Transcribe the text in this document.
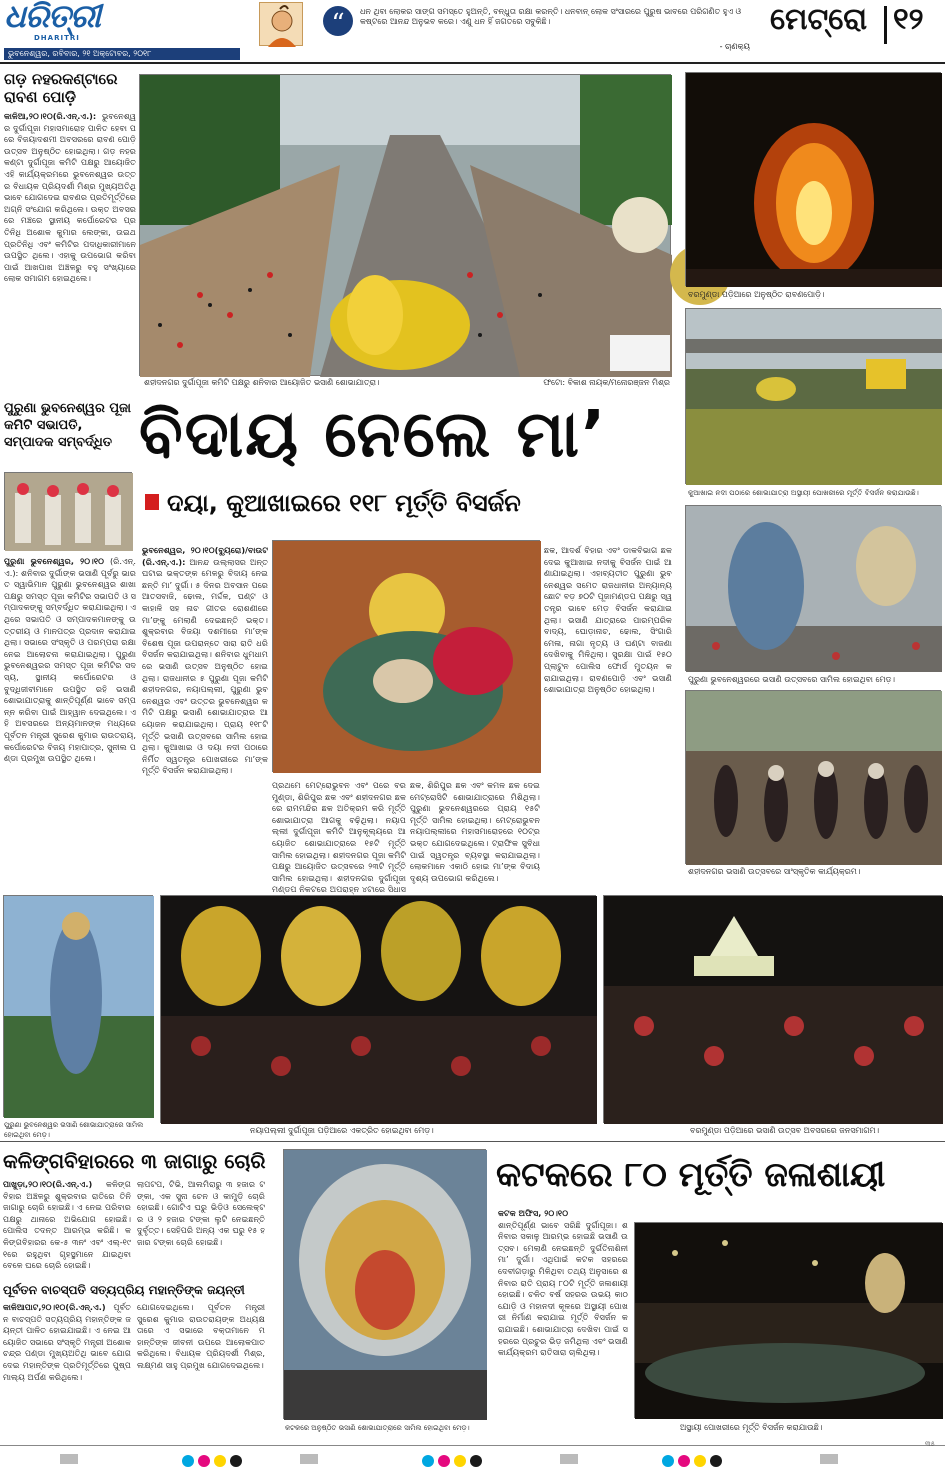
ଧରିତ୍ରୀ
DHARITRI
ଭୁବନେଶ୍ୱର, ରବିବାର, ୨୧ ଅକ୍ଟୋବର, ୨୦୧୮
“	ଧନ ଥିବା ଲୋକର ସାଙ୍ଗ ସମସ୍ତେ ହୁଅନ୍ତି, ବନ୍ଧୁତା ରକ୍ଷା କରନ୍ତି। ଧନବାନ୍ ଲୋକ ସଂସାରରେ ପୁରୁଷ ଭାବରେ ପରିଗଣିତ ହୁଏ ଓ କଷ୍ଟରେ ଆନନ୍ଦ ଅନୁଭବ କରେ। ଏଣୁ ଧନ ହିଁ ଜଗତରେ ସବୁକିଛି।
- ଚାଣକ୍ୟ
ମେଟ୍ରୋ ୧୨
ଗଡ଼ ନହରକଣ୍ଟାରେ ରାବଣ ପୋଡ଼ି
କାଳିଆ,୨୦।୧୦(ରି.ଏନ୍.ଏ.): ଭୁବନେଶ୍ୱର ଦୁର୍ଗାପୂଜା ମହାସମାରୋହ ପାଳିତ ହେବା ପରେ ବିଜୟାଦଶମୀ ଅବସରରେ ରାବଣ ପୋଡ଼ି ଉତ୍ସବ ଅନୁଷ୍ଠିତ ହୋଇଥିଲା। ଗଡ଼ ନହରକଣ୍ଟା ଦୁର୍ଗାପୂଜା କମିଟି ପକ୍ଷରୁ ଆୟୋଜିତ ଏହି କାର୍ଯ୍ୟକ୍ରମରେ ଭୁବନେଶ୍ୱର ଉତ୍ତର ବିଧାୟକ ପ୍ରିୟଦର୍ଶୀ ମିଶ୍ର ମୁଖ୍ୟଅତିଥି ଭାବେ ଯୋଗଦେଇ ରାବଣର ପ୍ରତିମୂର୍ତ୍ତିରେ ଅଗ୍ନି ସଂଯୋଗ କରିଥିଲେ। ଉକ୍ତ ଅବସରରେ ମଞ୍ଚରେ ସ୍ଥାନୀୟ କର୍ପୋରେଟର ପ୍ରତିନିଧି ଅଶୋକ କୁମାର ଲେଙ୍କା, ଉଇଥ ପ୍ରତିନିଧି ଏବଂ କମିଟିର ପଦାଧିକାରୀମାନେ ଉପସ୍ଥିତ ଥିଲେ। ଏହାକୁ ଉପଭୋଗ କରିବା ପାଇଁ ଆଖପାଖ ଅଞ୍ଚଳରୁ ବହୁ ସଂଖ୍ୟାରେ ଲୋକ ସମାଗମ ହୋଇଥିଲେ।
ଶହୀଦନଗର ଦୁର୍ଗାପୂଜା କମିଟି ପକ୍ଷରୁ ଶନିବାର ଆୟୋଜିତ ଭସାଣି ଶୋଭାଯାତ୍ରା।	ଫଟୋ: ବିକାଶ ନାୟକ/ମନୋରଞ୍ଜନ ମିଶ୍ର
ବରମୁଣ୍ଡା ପଡ଼ିଆରେ ଅନୁଷ୍ଠିତ ରାବଣପୋଡ଼ି।
କୁଆଖାଇ ନଦୀ ପଠାରେ ଶୋଭାଯାତ୍ରା ଅସ୍ଥାୟୀ ପୋଖରୀରେ ମୂର୍ତ୍ତି ବିସର୍ଜନ କରାଯାଉଛି।
ପୁରୁଣା ଭୁବନେଶ୍ୱରରେ ଭସାଣି ଉତ୍ସବରେ ସାମିଲ ହୋଇଥିବା ମେଡ଼।
ଶହୀଦନଗର ଭସାଣି ଉତ୍ସବରେ ସାଂସ୍କୃତିକ କାର୍ଯ୍ୟକ୍ରମ।
ବିଦାୟ ନେଲେ ମା’
ଦୟା, କୁଆଖାଇରେ ୧୧୮ ମୂର୍ତ୍ତି ବିସର୍ଜନ
ପୁରୁଣା ଭୁବନେଶ୍ୱର ପୂଜା କମିଟି ସଭାପତି, ସମ୍ପାଦକ ସମ୍ବର୍ଦ୍ଧିତ
ପୁରୁଣା ଭୁବନେଶ୍ୱର, ୨୦।୧୦ (ରି.ଏନ୍.ଏ.): ଶନିବାର ଦୁର୍ଗାଙ୍କ ଭସାଣି ପୂର୍ବରୁ ଭାରତ ସ୍ୱାଭିମାନ ପୁରୁଣା ଭୁବନେଶ୍ୱର ଶାଖା ପକ୍ଷରୁ ସମସ୍ତ ପୂଜା କମିଟିର ସଭାପତି ଓ ସମ୍ପାଦକଙ୍କୁ ସମ୍ବର୍ଦ୍ଧିତ କରାଯାଇଥିଲା। ଏଥିରେ ସଭାପତି ଓ ସମ୍ପାଦକମାନଙ୍କୁ ଉତ୍ତରୀୟ ଓ ମାନପତ୍ର ପ୍ରଦାନ କରାଯାଇଥିଲା। ସଭାରେ ସଂସ୍କୃତି ଓ ପରମ୍ପରା ରକ୍ଷା ନେଇ ଆଲୋଚନା କରାଯାଇଥିଲା। ପୁରୁଣା ଭୁବନେଶ୍ୱରର ସମସ୍ତ ପୂଜା କମିଟିର ସଦସ୍ୟ, ସ୍ଥାନୀୟ କର୍ପୋରେଟର ଓ ବୁଦ୍ଧିଜୀବୀମାନେ ଉପସ୍ଥିତ ରହି ଭସାଣି ଶୋଭାଯାତ୍ରାକୁ ଶାନ୍ତିପୂର୍ଣ୍ଣ ଭାବେ ସମ୍ପନ୍ନ କରିବା ପାଇଁ ଆହ୍ୱାନ ଦେଇଥିଲେ। ଏହି ଅବସରରେ ଅନ୍ୟମାନଙ୍କ ମଧ୍ୟରେ ପୂର୍ବତନ ମନ୍ତ୍ରୀ ସୁରେଶ କୁମାର ରାଉତରାୟ, କର୍ପୋରେଟର ବିଜୟ ମହାପାତ୍ର, ସୁନୀଲ ପଣ୍ଡା ପ୍ରମୁଖ ଉପସ୍ଥିତ ଥିଲେ।
ଭୁବନେଶ୍ୱର, ୨୦।୧୦(ବ୍ୟୁରୋ)/ବାଉଟ(ରି.ଏନ୍.ଏ.): ଆନନ୍ଦ ଉଲ୍ଲାସର ଅନ୍ତ ଘଟାଇ ଭକ୍ତଙ୍କ ମେଳରୁ ବିଦାୟ ନେଇଛନ୍ତି ମା’ ଦୁର୍ଗା। ୫ ଦିନର ଅବସାନ ପରେ ଆତସବାଜି, ଢୋଲ, ମର୍ଦ୍ଦଳ, ଘଣ୍ଟ ଓ କାହାଳି ସହ ନାଚ ଗୀତର ରୋଶଣୀରେ ମା’ଙ୍କୁ ମେଲାଣି ଦେଇଛନ୍ତି ଭକ୍ତ। ଶୁକ୍ରବାର ବିଜୟା ଦଶମୀରେ ମା’ଙ୍କ ବିଶେଷ ପୂଜା ଉପରାନ୍ତେ ସାରା ରାତି ଧରି ବିସର୍ଜନ କରାଯାଇଥିଲା। ଶନିବାର ଧୁମଧାମରେ ଭସାଣି ଉତ୍ସବ ଅନୁଷ୍ଠିତ ହୋଇଥିଲା। ରାଜଧାନୀର ୫ ପୁରୁଣା ପୂଜା କମିଟି ଶହୀଦନଗର, ନୟାପଲ୍ଲୀ, ପୁରୁଣା ଭୁବନେଶ୍ୱର ଏବଂ ଉତ୍ତର ଭୁବନେଶ୍ୱର କମିଟି ପକ୍ଷରୁ ଭସାଣି ଶୋଭାଯାତ୍ରାର ଆୟୋଜନ କରାଯାଇଥିଲା। ପ୍ରାୟ ୧୧୮ଟି ମୂର୍ତ୍ତି ଭସାଣି ଉତ୍ସବରେ ସାମିଲ ହୋଇଥିଲା। କୁଆଖାଇ ଓ ଦୟା ନଦୀ ପଠାରେ ନିର୍ମିତ ସ୍ୱତନ୍ତ୍ର ପୋଖରୀରେ ମା’ଙ୍କ ମୂର୍ତ୍ତି ବିସର୍ଜନ କରାଯାଇଥିଲା।
ପ୍ରଥମେ ମେଟ୍ରୋଭୁବନ ଏବଂ ପରେ ବରମୁଣ୍ଡା, ଶିରିପୁର ଛକ ଏବଂ ଶହୀଦନଗର ଛକରେ ରାମମନ୍ଦିର ଛକ ଅତିକ୍ରମ କରି ମୂର୍ତ୍ତି ଶୋଭାଯାତ୍ରା ଆଗକୁ ବଢ଼ିଥିଲା। ନୟାପଲ୍ଲୀ ଦୁର୍ଗାପୂଜା କମିଟି ଆନୁକୂଲ୍ୟରେ ଆୟୋଜିତ ଶୋଭାଯାତ୍ରାରେ ୧୫ଟି ମୂର୍ତ୍ତି ସାମିଲ ହୋଇଥିଲା। ଶହୀଦନଗର ପୂଜା କମିଟି ପକ୍ଷରୁ ଆୟୋଜିତ ଉତ୍ସବରେ ୨୩ଟି ମୂର୍ତ୍ତି ସାମିଲ ହୋଇଥିଲା। ଶହୀଦନଗର ଦୁର୍ଗାପୂଜା ମଣ୍ଡପ ନିକଟରେ ଅପରାହ୍ନ ୪ଟାରେ ସିଧାସ
ଛକ, ଶିରିପୁର ଛକ ଏବଂ କମଳ ଛକ ଦେଇ ମେଟ୍ରୋସିଟି ଶୋଭାଯାତ୍ରାରେ ମିଶିଥିଲା। ପୁରୁଣା ଭୁବନେଶ୍ୱରରେ ପ୍ରାୟ ୧୫ଟି ମୂର୍ତ୍ତି ସାମିଲ ହୋଇଥିଲା। ମେଟ୍ରୋଭୁବନ ନୟାପଲ୍ଲୀରେ ମହାସମାରୋହରେ ୧୦ଟ୍ର ଭକ୍ତ ଯୋଗଦେଇଥିଲେ। ଟ୍ରାଫିକ ସୁବିଧା ପାଇଁ ସ୍ୱତନ୍ତ୍ର ବ୍ୟବସ୍ଥା କରାଯାଇଥିଲା। ଲୋକମାନେ ଏକାଠି ହୋଇ ମା’ଙ୍କ ବିଦାୟ ଦୃଶ୍ୟ ଉପଭୋଗ କରିଥିଲେ।
ଛକ, ଆଦର୍ଶ ବିହାର ଏବଂ ଡାକବିଭାଗ ଛକ ଦେଇ କୁଆଖାଇ ନଦୀକୁ ବିସର୍ଜନ ପାଇଁ ଆଣାଯାଇଥିଲା। ଏହାବ୍ୟତୀତ ପୁରୁଣା ଭୁବନେଶ୍ୱର ସମେତ ରାଜଧାନୀର ଅନ୍ୟାନ୍ୟ ଛୋଟ ବଡ଼ ୭୦ଟି ପୂଜାମଣ୍ଡପ ପକ୍ଷରୁ ସ୍ୱତନ୍ତ୍ର ଭାବେ ମେଡ଼ ବିସର୍ଜନ କରାଯାଇଥିଲା। ଭସାଣି ଯାତ୍ରାରେ ପାରମ୍ପରିକ ବାଦ୍ୟ, ଘୋଡ଼ାନାଚ, ଢୋଲ, ସିଂଗାରି ମେଳା, ନାଗା ନୃତ୍ୟ ଓ ଘଣ୍ଟା ବାଜଣା ଦେଖିବାକୁ ମିଳିଥିଲା। ସୁରକ୍ଷା ପାଇଁ ୧୫୦ ପ୍ଲାଟୁନ ପୋଲିସ ଫୋର୍ସ ମୁତୟନ କରାଯାଇଥିଲା। ରାବଣପୋଡ଼ି ଏବଂ ଭସାଣି ଶୋଭାଯାତ୍ରା ଅନୁଷ୍ଠିତ ହୋଇଥିଲା।
ପୁରୁଣା ଭୁବନେଶ୍ୱର ଭସାଣି ଶୋଭାଯାତ୍ରାରେ ସାମିଲ ହୋଇଥିବା ମେଡ଼।	ନୟାପଲ୍ଲୀ ଦୁର୍ଗାପୂଜା ପଡ଼ିଆରେ ଏକତ୍ରିତ ହୋଇଥିବା ମେଡ଼।	ବରମୁଣ୍ଡା ପଡ଼ିଆରେ ଭସାଣି ଉତ୍ସବ ଅବସରରେ ଜନସମାଗମ।
କଳିଙ୍ଗବିହାରରେ ୩ ଜାଗାରୁ ଚୋରି
ପାଖୁଡ଼ା,୨୦।୧୦(ରି.ଏନ୍.ଏ.) କଳିଙ୍ଗବିହାର ଅଞ୍ଚଳରୁ ଶୁକ୍ରବାର ରାତିରେ ତିନି ଜାଗାରୁ ଚୋରି ହୋଇଛି। ଏ ନେଇ ପରିବାର ପକ୍ଷରୁ ଥାନାରେ ଅଭିଯୋଗ ହୋଇଛି। ପୋଲିସ ତଦନ୍ତ ଆରମ୍ଭ କରିଛି। କଳିଙ୍ଗବିହାରର କେ-୫ ୩ନଂ ଏବଂ ଏଲ୍-୧୯୧ରେ ରହୁଥିବା ଗୃହସ୍ଥମାନେ ଯାଇଥିବା ବେଳେ ଘରେ ଚୋରି ହୋଇଛି।
ଲାପଟପ, ଟିଭି, ଆଲମିରାରୁ ୩ ହଜାର ଟଙ୍କା, ଏକ ସୁନା ଚେନ ଓ କାମୁଡ଼ି ଚୋରି ହୋଇଛି। ଗୋଟିଏ ଘରୁ ଭିଡ଼ିଓ ସେଲେକ୍ଟର ଓ ୨ ହଜାର ଟଙ୍କା ଲୁଟି ନେଇଛନ୍ତି ଦୁର୍ବୃତ୍ତ। ସେହିପରି ଅନ୍ୟ ଏକ ଘରୁ ୧୫ ହଜାର ଟଙ୍କା ଚୋରି ହୋଇଛି।
ପୂର୍ବତନ ବାଚସ୍ପତି ସତ୍ୟପ୍ରିୟ ମହାନ୍ତିଙ୍କ ଜୟନ୍ତୀ
କାଳିଆପାଟ,୨୦।୧୦(ରି.ଏନ୍.ଏ.) ପୂର୍ବତନ ବାଚସ୍ପତି ସତ୍ୟପ୍ରିୟ ମହାନ୍ତିଙ୍କ ଜୟନ୍ତୀ ପାଳିତ ହୋଇଯାଇଛି। ଏ ନେଇ ଆୟୋଜିତ ସଭାରେ ସଂସ୍କୃତି ମନ୍ତ୍ରୀ ଅଶୋକ ଚନ୍ଦ୍ର ପଣ୍ଡା ମୁଖ୍ୟଅତିଥି ଭାବେ ଯୋଗଦେଇ ମହାନ୍ତିଙ୍କ ପ୍ରତିମୂର୍ତ୍ତିରେ ପୁଷ୍ପମାଲ୍ୟ ଅର୍ପଣ କରିଥିଲେ।
ଯୋଗଦେଇଥିଲେ। ପୂର୍ବତନ ମନ୍ତ୍ରୀ ସୁରେଶ କୁମାର ରାଉତରାୟଙ୍କ ଅଧ୍ୟକ୍ଷତାରେ ଏ ସଭାରେ ବକ୍ତାମାନେ ମହାନ୍ତିଙ୍କ ଜୀବନୀ ଉପରେ ଆଲୋକପାତ କରିଥିଲେ। ବିଧାୟକ ପ୍ରିୟଦର୍ଶୀ ମିଶ୍ର, ଲକ୍ଷ୍ମଣ ସାହୁ ପ୍ରମୁଖ ଯୋଗଦେଇଥିଲେ।
କଟକରେ ଅନୁଷ୍ଠିତ ଭସାଣି ଶୋଭାଯାତ୍ରାରେ ସାମିଲ ହୋଇଥିବା ମେଡ଼।
କଟକରେ ୮୦ ମୂର୍ତ୍ତି ଜଳାଶାୟୀ
କଟକ ଅଫିସ, ୨୦।୧୦
ଶାନ୍ତିପୂର୍ଣ୍ଣ ଭାବେ ସରିଛି ଦୁର୍ଗାପୂଜା। ଶନିବାର ସକାଳୁ ଆରମ୍ଭ ହୋଇଛି ଭସାଣି ଉତ୍ସବ। ମେଲାଣି ନେଇଛନ୍ତି ଦୁର୍ଗତିନାଶିନୀ ମା’ ଦୁର୍ଗା। ଏଥିପାଇଁ କଟକ ସହରରେ ଦେବୀଗଡ଼ାରୁ ମିଳିଥିବା ତଥ୍ୟ ଅନୁସାରେ ଶନିବାର ରାତି ପ୍ରାୟ ୮୦ଟି ମୂର୍ତ୍ତି ଜଳାଶାୟୀ ହୋଇଛି। ଚଳିତ ବର୍ଷ ସହରର ଉଭୟ କାଠଯୋଡ଼ି ଓ ମହାନଦୀ କୂଳରେ ଅସ୍ଥାୟୀ ପୋଖରୀ ନିର୍ମାଣ କରାଯାଇ ମୂର୍ତ୍ତି ବିସର୍ଜନ କରାଯାଇଛି। ଶୋଭାଯାତ୍ରା ଦେଖିବା ପାଇଁ ସହରରେ ପ୍ରଚୁର ଭିଡ଼ ଜମିଥିଲା ଏବଂ ଭସାଣି କାର୍ଯ୍ୟକ୍ରମ ରାତିସାରା ଚାଲିଥିଲା।
ଅସ୍ଥାୟୀ ପୋଖରୀରେ ମୂର୍ତ୍ତି ବିସର୍ଜନ କରାଯାଉଛି।
୩୫
